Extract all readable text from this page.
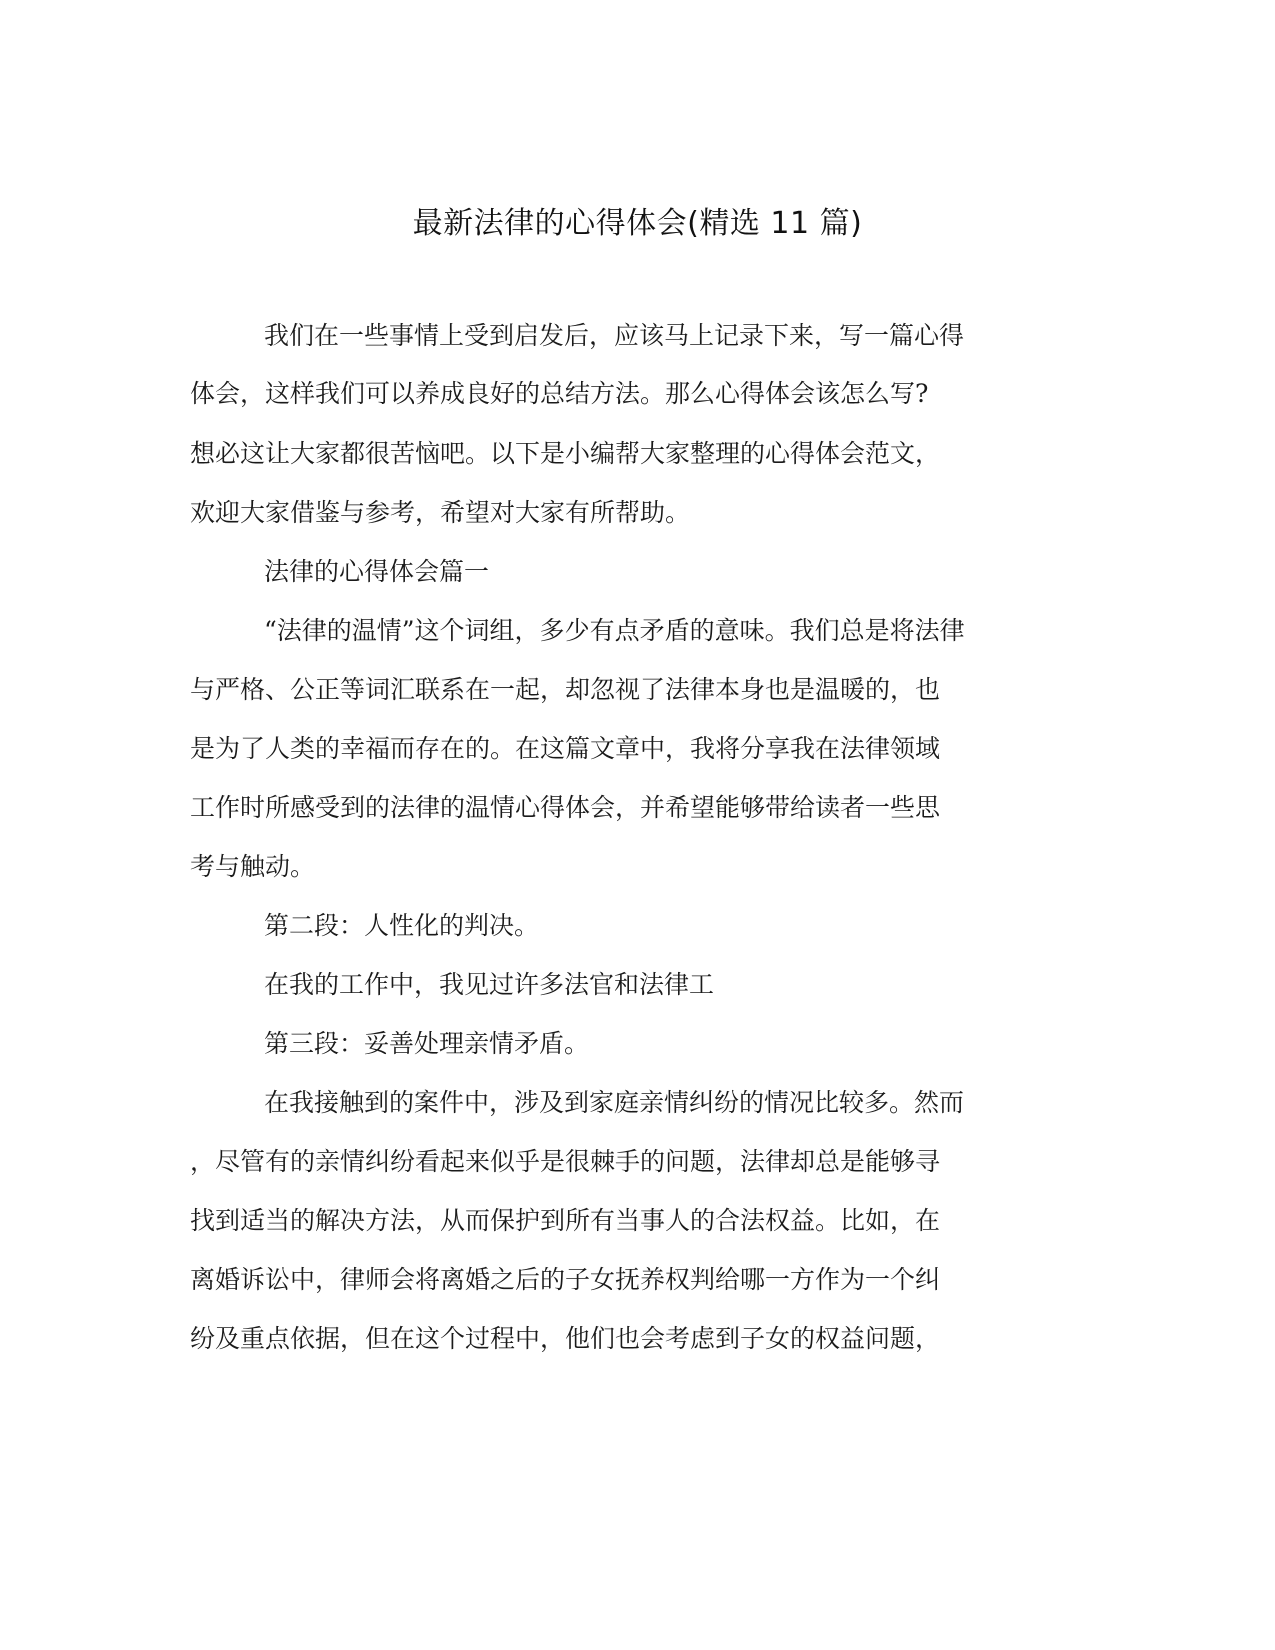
最新法律的心得体会(精选 11 篇)
我们在一些事情上受到启发后，应该马上记录下来，写一篇心得
体会，这样我们可以养成良好的总结方法。那么心得体会该怎么写?
想必这让大家都很苦恼吧。以下是小编帮大家整理的心得体会范文，
欢迎大家借鉴与参考，希望对大家有所帮助。
法律的心得体会篇一
“法律的温情”这个词组，多少有点矛盾的意味。我们总是将法律
与严格、公正等词汇联系在一起，却忽视了法律本身也是温暖的，也
是为了人类的幸福而存在的。在这篇文章中，我将分享我在法律领域
工作时所感受到的法律的温情心得体会，并希望能够带给读者一些思
考与触动。
第二段：人性化的判决。
在我的工作中，我见过许多法官和法律工
第三段：妥善处理亲情矛盾。
在我接触到的案件中，涉及到家庭亲情纠纷的情况比较多。然而
，尽管有的亲情纠纷看起来似乎是很棘手的问题，法律却总是能够寻
找到适当的解决方法，从而保护到所有当事人的合法权益。比如，在
离婚诉讼中，律师会将离婚之后的子女抚养权判给哪一方作为一个纠
纷及重点依据，但在这个过程中，他们也会考虑到子女的权益问题，
